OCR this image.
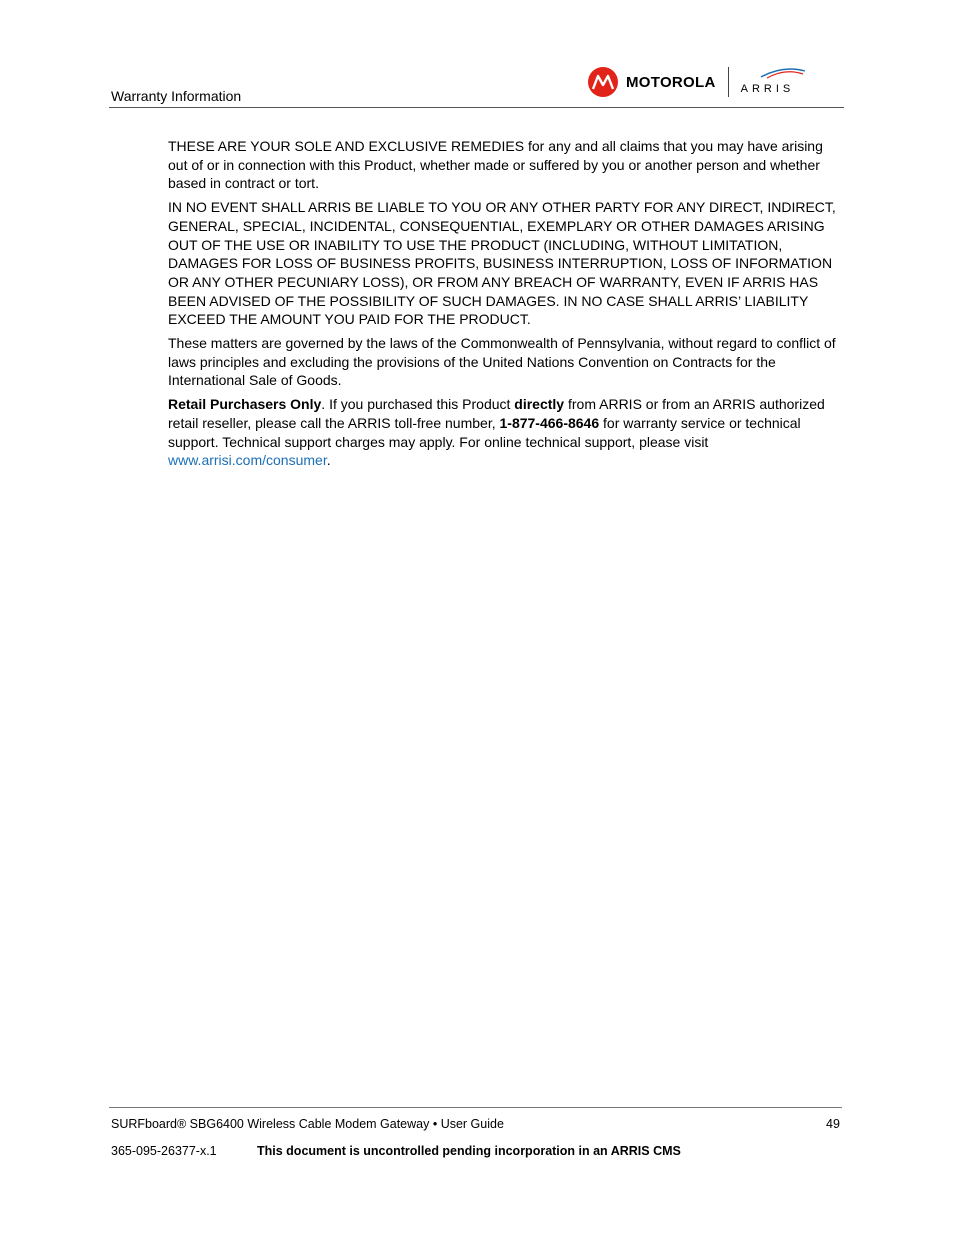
Warranty Information
MOTOROLA ARRIS

THESE ARE YOUR SOLE AND EXCLUSIVE REMEDIES for any and all claims that you may have arising out of or in connection with this Product, whether made or suffered by you or another person and whether based in contract or tort.

IN NO EVENT SHALL ARRIS BE LIABLE TO YOU OR ANY OTHER PARTY FOR ANY DIRECT, INDIRECT, GENERAL, SPECIAL, INCIDENTAL, CONSEQUENTIAL, EXEMPLARY OR OTHER DAMAGES ARISING OUT OF THE USE OR INABILITY TO USE THE PRODUCT (INCLUDING, WITHOUT LIMITATION, DAMAGES FOR LOSS OF BUSINESS PROFITS, BUSINESS INTERRUPTION, LOSS OF INFORMATION OR ANY OTHER PECUNIARY LOSS), OR FROM ANY BREACH OF WARRANTY, EVEN IF ARRIS HAS BEEN ADVISED OF THE POSSIBILITY OF SUCH DAMAGES. IN NO CASE SHALL ARRIS’ LIABILITY EXCEED THE AMOUNT YOU PAID FOR THE PRODUCT.

These matters are governed by the laws of the Commonwealth of Pennsylvania, without regard to conflict of laws principles and excluding the provisions of the United Nations Convention on Contracts for the International Sale of Goods.

Retail Purchasers Only. If you purchased this Product directly from ARRIS or from an ARRIS authorized retail reseller, please call the ARRIS toll-free number, 1-877-466-8646 for warranty service or technical support. Technical support charges may apply. For online technical support, please visit www.arrisi.com/consumer.

SURFboard® SBG6400 Wireless Cable Modem Gateway • User Guide	49
365-095-26377-x.1	This document is uncontrolled pending incorporation in an ARRIS CMS
